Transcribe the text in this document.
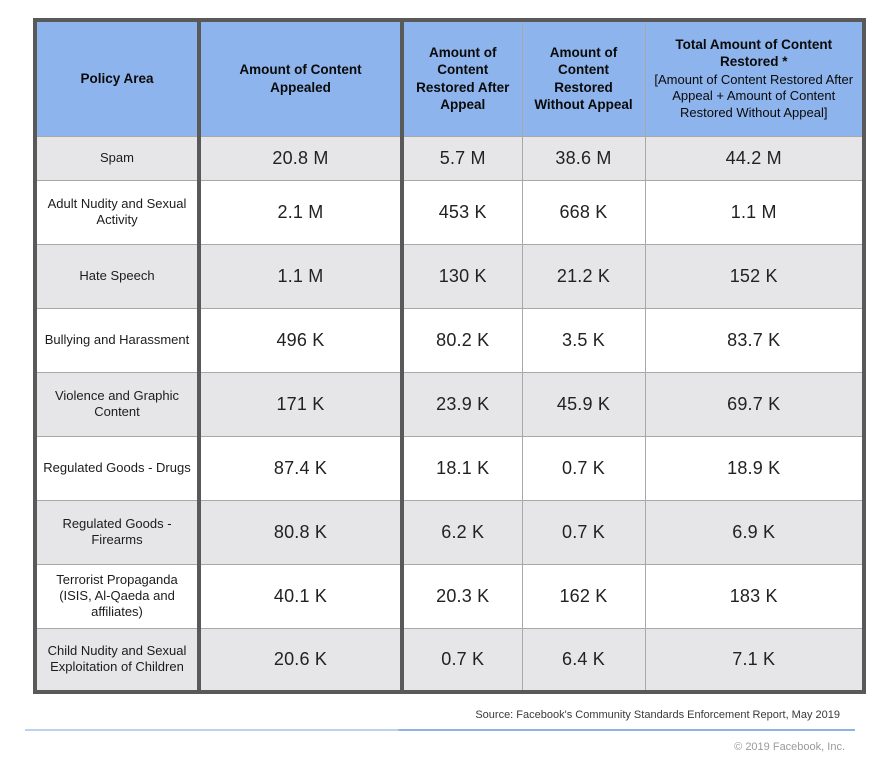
Policy Area	Amount of Content Appealed	Amount of Content Restored After Appeal	Amount of Content Restored Without Appeal	Total Amount of Content Restored *
[Amount of Content Restored After Appeal + Amount of Content Restored Without Appeal]

Spam	20.8 M	5.7 M	38.6 M	44.2 M
Adult Nudity and Sexual Activity	2.1 M	453 K	668 K	1.1 M
Hate Speech	1.1 M	130 K	21.2 K	152 K
Bullying and Harassment	496 K	80.2 K	3.5 K	83.7 K
Violence and Graphic Content	171 K	23.9 K	45.9 K	69.7 K
Regulated Goods - Drugs	87.4 K	18.1 K	0.7 K	18.9 K
Regulated Goods - Firearms	80.8 K	6.2 K	0.7 K	6.9 K
Terrorist Propaganda (ISIS, Al-Qaeda and affiliates)	40.1 K	20.3 K	162 K	183 K
Child Nudity and Sexual Exploitation of Children	20.6 K	0.7 K	6.4 K	7.1 K
Source: Facebook's Community Standards Enforcement Report, May 2019
© 2019 Facebook, Inc.
